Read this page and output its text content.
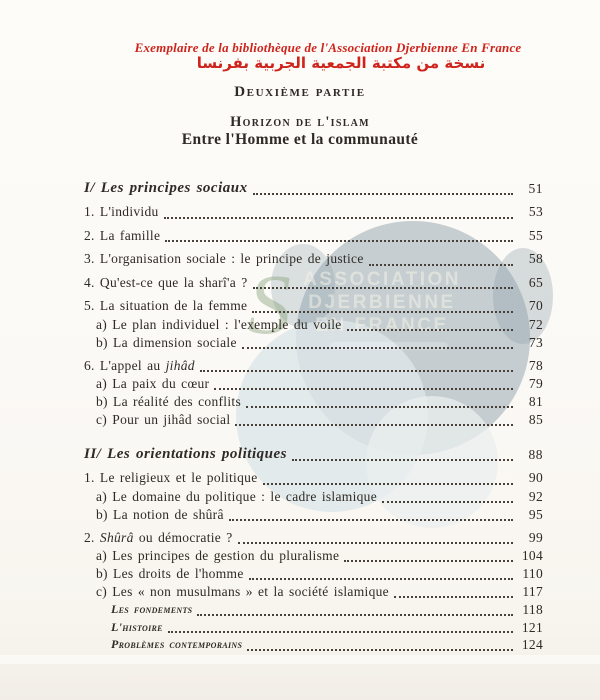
S ASSOCIATION
DJERBIENNE
EN FRANCE
Exemplaire de la bibliothèque de l'Association Djerbienne En France
نسخة من مكتبة الجمعية الجربية بفرنسا
Deuxième partie
Horizon de l'islam
Entre l'Homme et la communauté
I/ Les principes sociaux	51
1. L'individu	53
2. La famille	55
3. L'organisation sociale : le principe de justice	58
4. Qu'est-ce que la sharî'a ?	65
5. La situation de la femme	70
a) Le plan individuel : l'exemple du voile	72
b) La dimension sociale	73
6. L'appel au jihâd	78
a) La paix du cœur	79
b) La réalité des conflits	81
c) Pour un jihâd social	85
II/ Les orientations politiques	88
1. Le religieux et le politique	90
a) Le domaine du politique : le cadre islamique	92
b) La notion de shûrâ	95
2. Shûrâ ou démocratie ?	99
a) Les principes de gestion du pluralisme	104
b) Les droits de l'homme	110
c) Les « non musulmans » et la société islamique	117
Les fondements	118
L'histoire	121
Problèmes contemporains	124
